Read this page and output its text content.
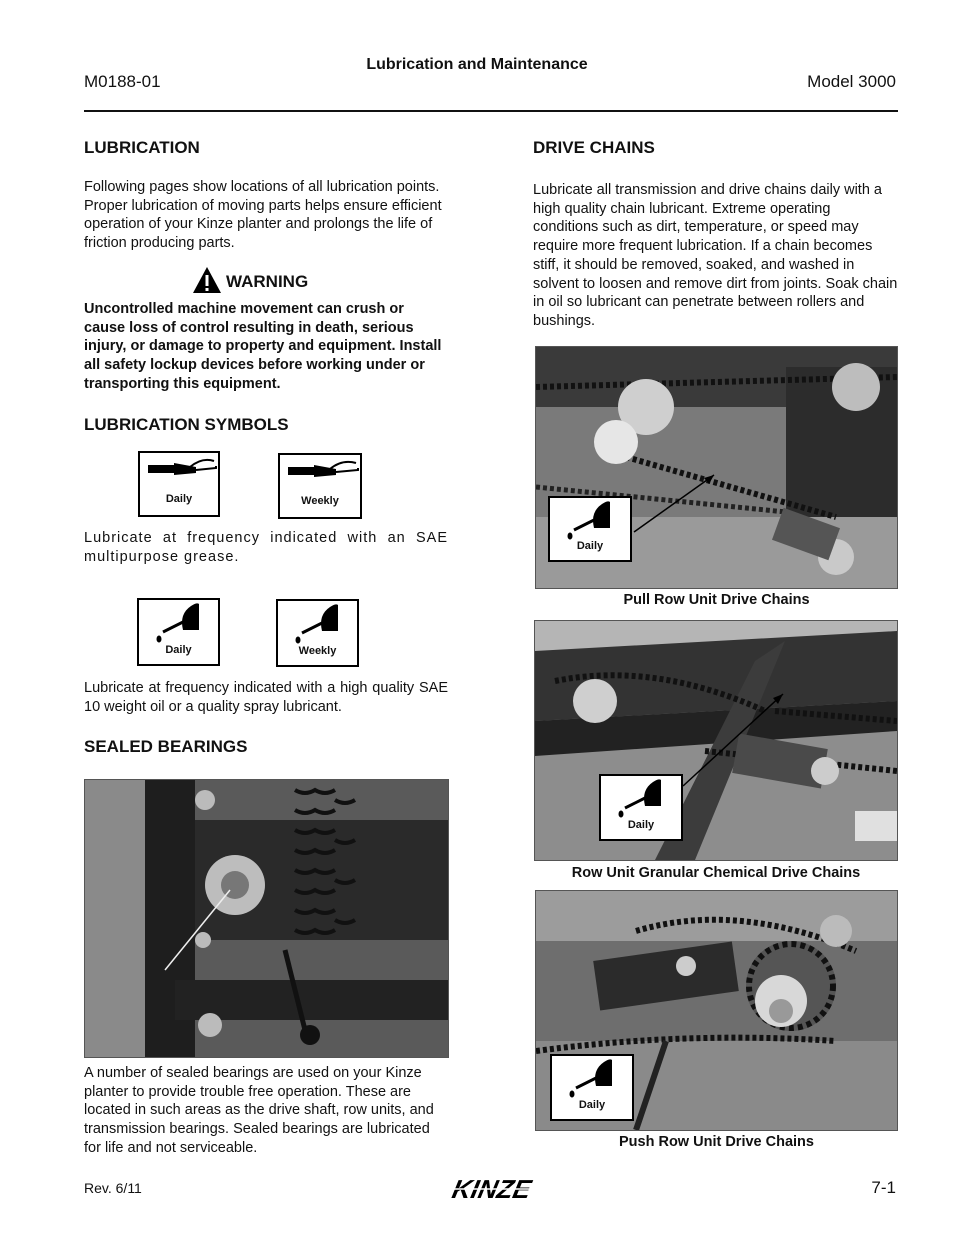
M0188-01
Lubrication and Maintenance
Model 3000
LUBRICATION
Following pages show locations of all lubrication points. Proper lubrication of moving parts helps ensure efficient operation of your Kinze planter and prolongs the life of friction producing parts.
WARNING
Uncontrolled machine movement can crush or cause loss of control resulting in death, serious injury, or damage to property and equipment. Install all safety lockup devices before working under or transporting this equipment.
LUBRICATION SYMBOLS
Daily	Weekly
Lubricate at frequency indicated with an SAE multipurpose grease.
Daily	Weekly
Lubricate at frequency indicated with a high quality SAE 10 weight oil or a quality spray lubricant.
SEALED BEARINGS
A number of sealed bearings are used on your Kinze planter to provide trouble free operation. These are located in such areas as the drive shaft, row units, and transmission bearings. Sealed bearings are lubricated for life and not serviceable.
DRIVE CHAINS
Lubricate all transmission and drive chains daily with a high quality chain lubricant. Extreme operating conditions such as dirt, temperature, or speed may require more frequent lubrication. If a chain becomes stiff, it should be removed, soaked, and washed in solvent to loosen and remove dirt from joints. Soak chain in oil so lubricant can penetrate between rollers and bushings.
Daily
Pull Row Unit Drive Chains
Daily
Row Unit Granular Chemical Drive Chains
Daily
Push Row Unit Drive Chains
Rev. 6/11	KINZE	7-1
